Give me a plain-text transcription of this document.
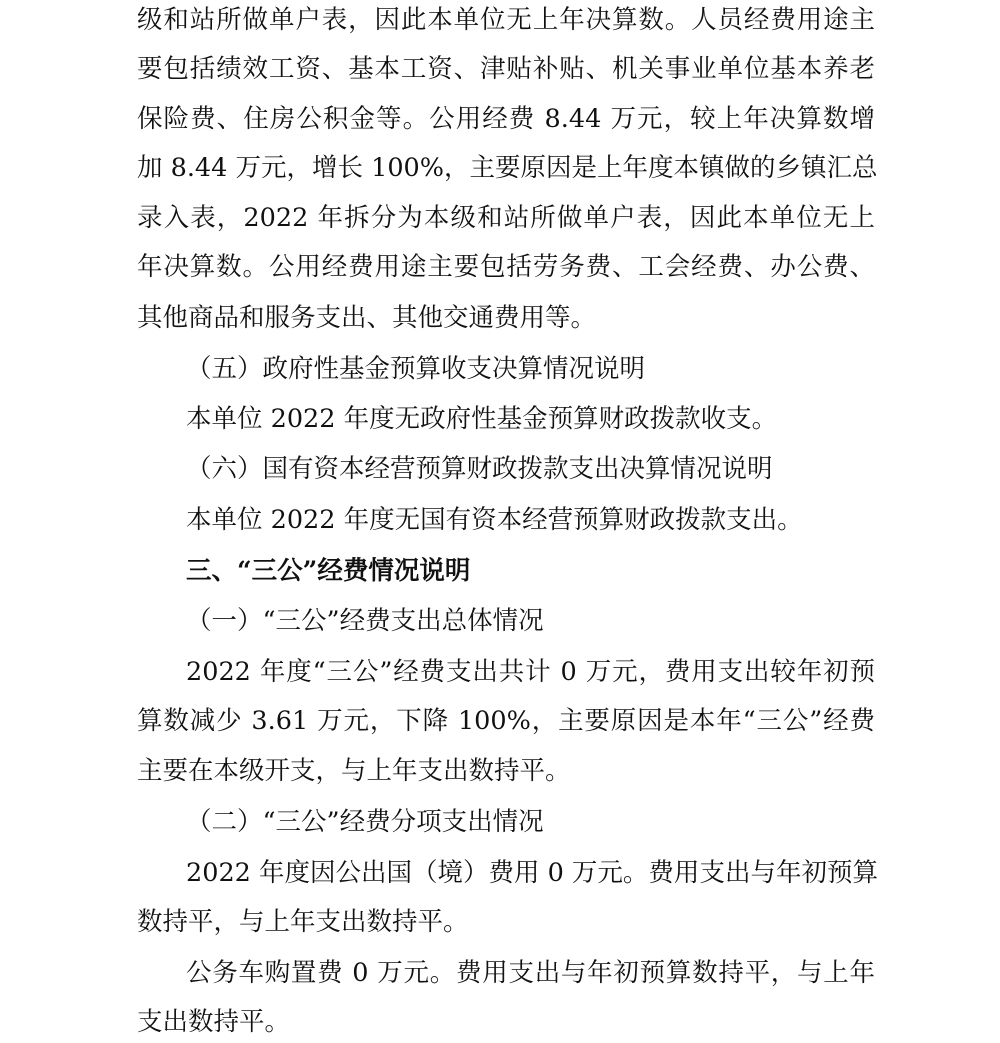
级和站所做单户表，因此本单位无上年决算数。人员经费用途主
要包括绩效工资、基本工资、津贴补贴、机关事业单位基本养老
保险费、住房公积金等。公用经费 8.44 万元，较上年决算数增
加 8.44 万元，增长 100%，主要原因是上年度本镇做的乡镇汇总
录入表，2022 年拆分为本级和站所做单户表，因此本单位无上
年决算数。公用经费用途主要包括劳务费、工会经费、办公费、
其他商品和服务支出、其他交通费用等。
（五）政府性基金预算收支决算情况说明
本单位 2022 年度无政府性基金预算财政拨款收支。
（六）国有资本经营预算财政拨款支出决算情况说明
本单位 2022 年度无国有资本经营预算财政拨款支出。
三、“三公”经费情况说明
（一）“三公”经费支出总体情况
2022 年度“三公”经费支出共计 0 万元，费用支出较年初预
算数减少 3.61 万元，下降 100%，主要原因是本年“三公”经费
主要在本级开支，与上年支出数持平。
（二）“三公”经费分项支出情况
2022 年度因公出国（境）费用 0 万元。费用支出与年初预算
数持平，与上年支出数持平。
公务车购置费 0 万元。费用支出与年初预算数持平，与上年
支出数持平。
